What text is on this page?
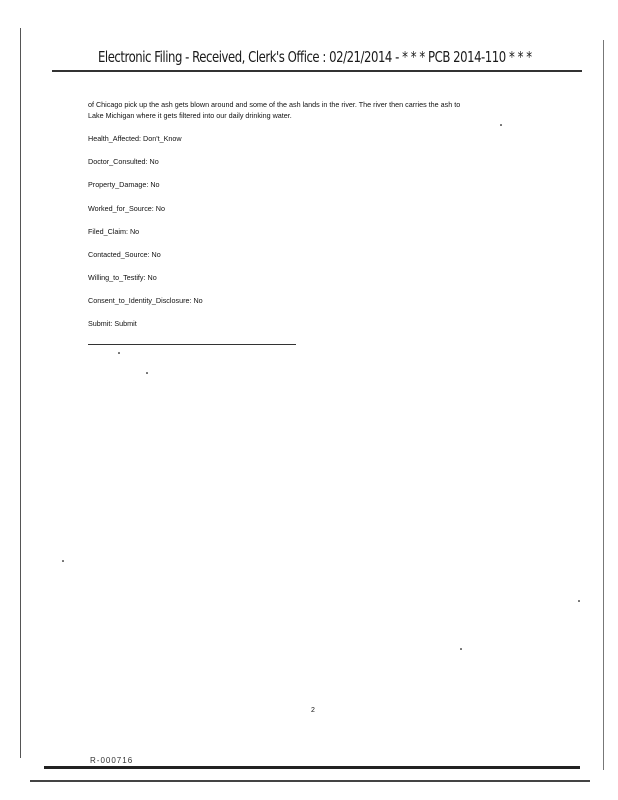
Electronic Filing - Received, Clerk's Office : 02/21/2014 - * * * PCB 2014-110 * * *

of Chicago pick up the ash gets blown around and some of the ash lands in the river. The river then carries the ash to

Lake Michigan where it gets filtered into our daily drinking water.

Health_Affected: Don't_Know
Doctor_Consulted: No
Property_Damage: No
Worked_for_Source: No
Filed_Claim: No
Contacted_Source: No
Willing_to_Testify: No
Consent_to_Identity_Disclosure: No
Submit: Submit
2
R-000716
